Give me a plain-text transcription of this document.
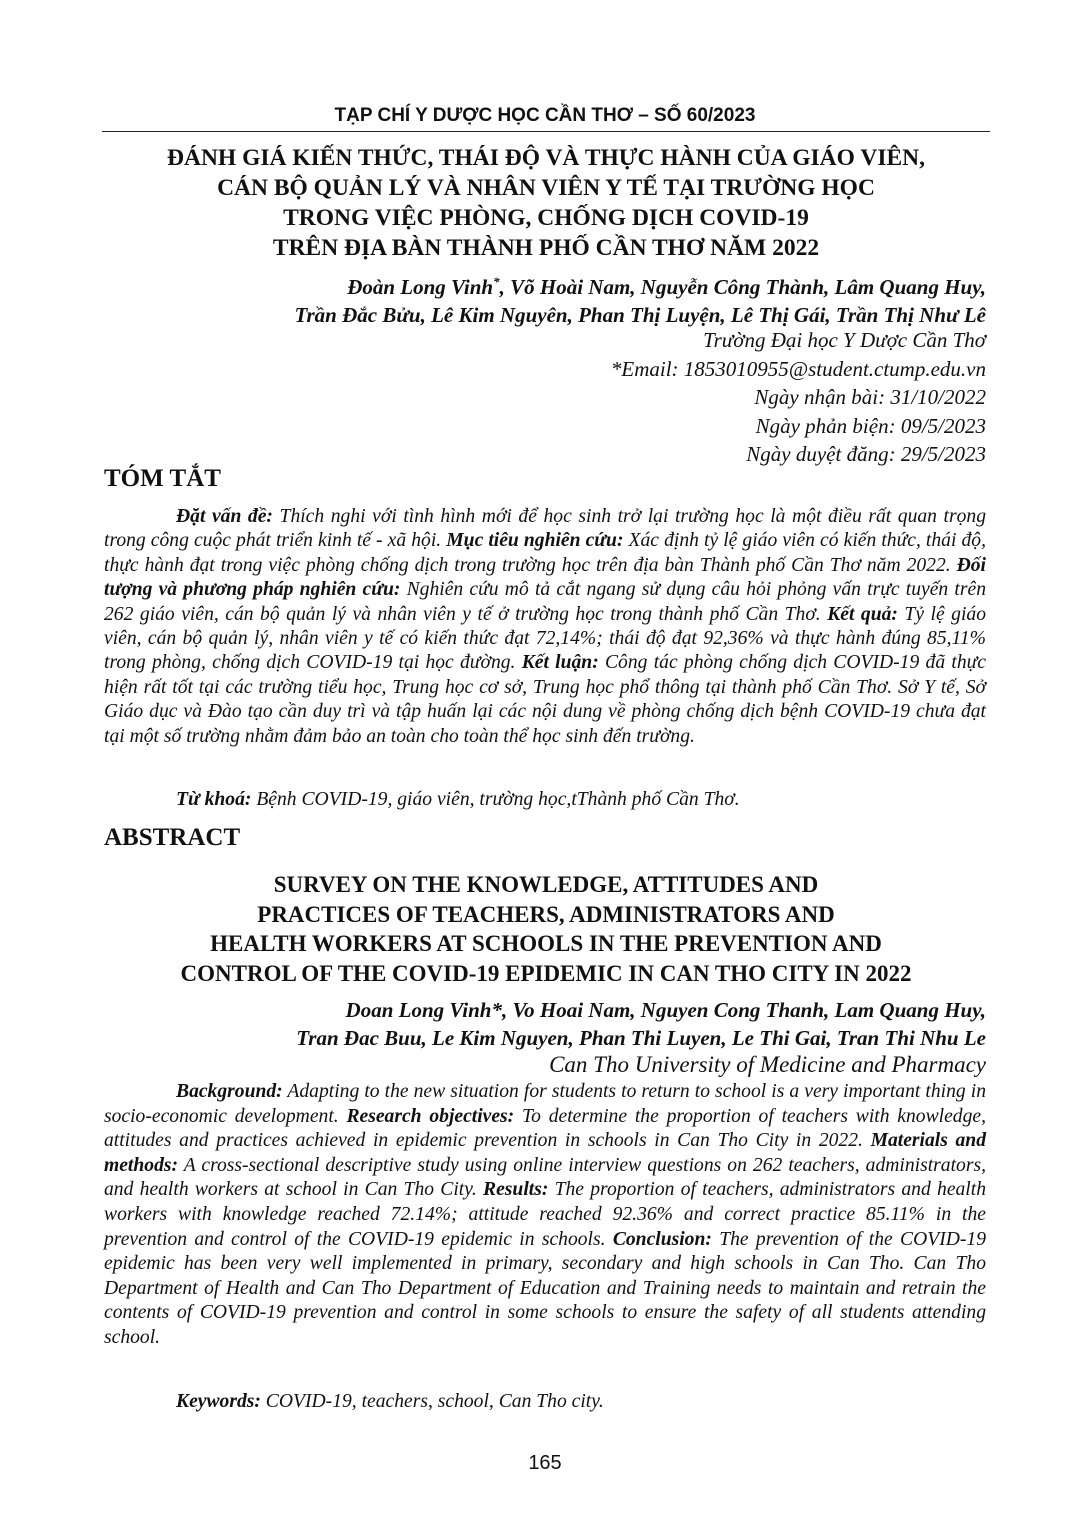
TẠP CHÍ Y DƯỢC HỌC CẦN THƠ – SỐ 60/2023
ĐÁNH GIÁ KIẾN THỨC, THÁI ĐỘ VÀ THỰC HÀNH CỦA GIÁO VIÊN,
CÁN BỘ QUẢN LÝ VÀ NHÂN VIÊN Y TẾ TẠI TRƯỜNG HỌC
TRONG VIỆC PHÒNG, CHỐNG DỊCH COVID-19
TRÊN ĐỊA BÀN THÀNH PHỐ CẦN THƠ NĂM 2022
Đoàn Long Vinh*, Võ Hoài Nam, Nguyễn Công Thành, Lâm Quang Huy,
Trần Đắc Bửu, Lê Kim Nguyên, Phan Thị Luyện, Lê Thị Gái, Trần Thị Như Lê
Trường Đại học Y Dược Cần Thơ
*Email: 1853010955@student.ctump.edu.vn
Ngày nhận bài: 31/10/2022
Ngày phản biện: 09/5/2023
Ngày duyệt đăng: 29/5/2023
TÓM TẮT
Đặt vấn đề: Thích nghi với tình hình mới để học sinh trở lại trường học là một điều rất quan trọng trong công cuộc phát triển kinh tế - xã hội. Mục tiêu nghiên cứu: Xác định tỷ lệ giáo viên có kiến thức, thái độ, thực hành đạt trong việc phòng chống dịch trong trường học trên địa bàn Thành phố Cần Thơ năm 2022. Đối tượng và phương pháp nghiên cứu: Nghiên cứu mô tả cắt ngang sử dụng câu hỏi phỏng vấn trực tuyến trên 262 giáo viên, cán bộ quản lý và nhân viên y tế ở trường học trong thành phố Cần Thơ. Kết quả: Tỷ lệ giáo viên, cán bộ quản lý, nhân viên y tế có kiến thức đạt 72,14%; thái độ đạt 92,36% và thực hành đúng 85,11% trong phòng, chống dịch COVID-19 tại học đường. Kết luận: Công tác phòng chống dịch COVID-19 đã thực hiện rất tốt tại các trường tiểu học, Trung học cơ sở, Trung học phổ thông tại thành phố Cần Thơ. Sở Y tế, Sở Giáo dục và Đào tạo cần duy trì và tập huấn lại các nội dung về phòng chống dịch bệnh COVID-19 chưa đạt tại một số trường nhằm đảm bảo an toàn cho toàn thể học sinh đến trường.
Từ khoá: Bệnh COVID-19, giáo viên, trường học,tThành phố Cần Thơ.
ABSTRACT
SURVEY ON THE KNOWLEDGE, ATTITUDES AND
PRACTICES OF TEACHERS, ADMINISTRATORS AND
HEALTH WORKERS AT SCHOOLS IN THE PREVENTION AND
CONTROL OF THE COVID-19 EPIDEMIC IN CAN THO CITY IN 2022
Doan Long Vinh*, Vo Hoai Nam, Nguyen Cong Thanh, Lam Quang Huy,
Tran Đac Buu, Le Kim Nguyen, Phan Thi Luyen, Le Thi Gai, Tran Thi Nhu Le
Can Tho University of Medicine and Pharmacy
Background: Adapting to the new situation for students to return to school is a very important thing in socio-economic development. Research objectives: To determine the proportion of teachers with knowledge, attitudes and practices achieved in epidemic prevention in schools in Can Tho City in 2022. Materials and methods: A cross-sectional descriptive study using online interview questions on 262 teachers, administrators, and health workers at school in Can Tho City. Results: The proportion of teachers, administrators and health workers with knowledge reached 72.14%; attitude reached 92.36% and correct practice 85.11% in the prevention and control of the COVID-19 epidemic in schools. Conclusion: The prevention of the COVID-19 epidemic has been very well implemented in primary, secondary and high schools in Can Tho. Can Tho Department of Health and Can Tho Department of Education and Training needs to maintain and retrain the contents of COVID-19 prevention and control in some schools to ensure the safety of all students attending school.
Keywords: COVID-19, teachers, school, Can Tho city.
165
